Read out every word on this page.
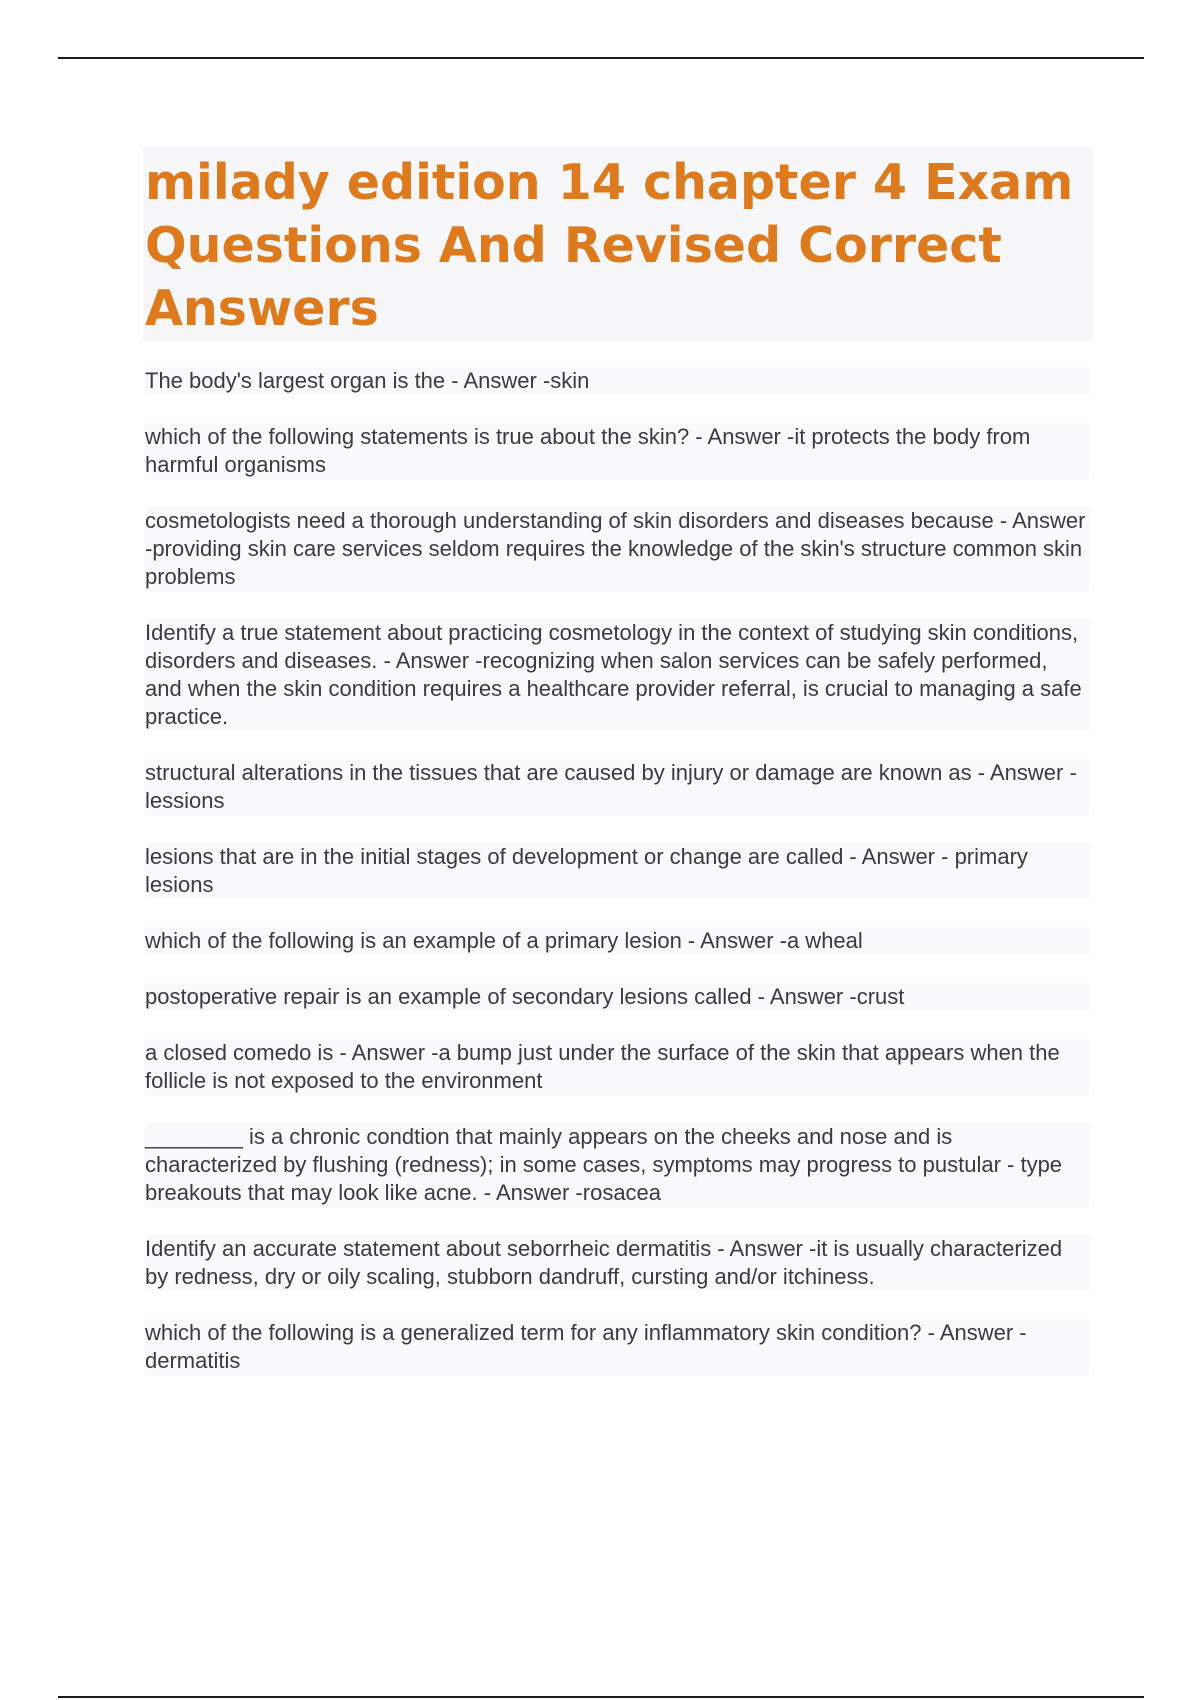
milady edition 14 chapter 4 Exam Questions And Revised Correct Answers
The body's largest organ is the - Answer -skin
which of the following statements is true about the skin? - Answer -it protects the body from harmful organisms
cosmetologists need a thorough understanding of skin disorders and diseases because - Answer -providing skin care services seldom requires the knowledge of the skin's structure common skin problems
Identify a true statement about practicing cosmetology in the context of studying skin conditions, disorders and diseases. - Answer -recognizing when salon services can be safely performed, and when the skin condition requires a healthcare provider referral, is crucial to managing a safe practice.
structural alterations in the tissues that are caused by injury or damage are known as - Answer -lessions
lesions that are in the initial stages of development or change are called - Answer - primary lesions
which of the following is an example of a primary lesion - Answer -a wheal
postoperative repair is an example of secondary lesions called - Answer -crust
a closed comedo is - Answer -a bump just under the surface of the skin that appears when the follicle is not exposed to the environment
________ is a chronic condtion that mainly appears on the cheeks and nose and is characterized by flushing (redness); in some cases, symptoms may progress to pustular - type breakouts that may look like acne. - Answer -rosacea
Identify an accurate statement about seborrheic dermatitis - Answer -it is usually characterized by redness, dry or oily scaling, stubborn dandruff, cursting and/or itchiness.
which of the following is a generalized term for any inflammatory skin condition? - Answer -dermatitis
